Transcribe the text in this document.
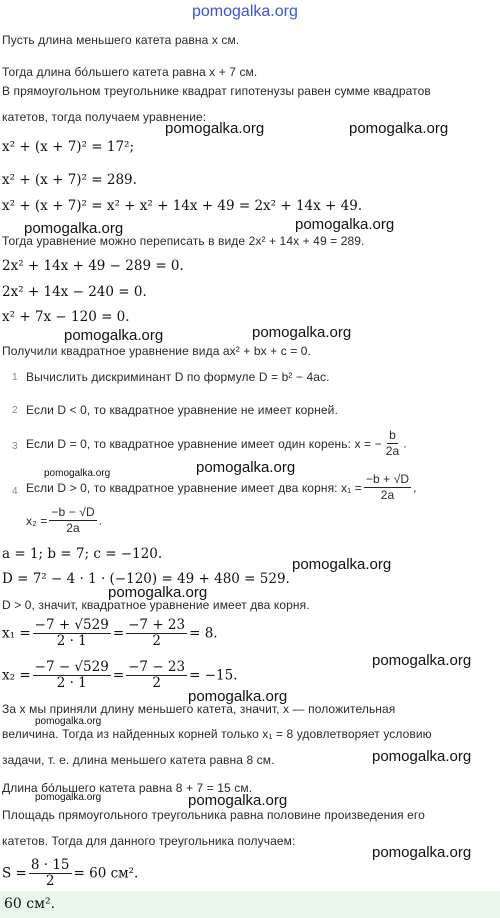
pomogalka.org
Пусть длина меньшего катета равна x см.
Тогда длина бо́льшего катета равна x + 7 см.
В прямоугольном треугольнике квадрат гипотенузы равен сумме квадратов
катетов, тогда получаем уравнение:
pomogalka.org	pomogalka.org
x² + (x + 7)² = 17²;
x² + (x + 7)² = 289.
x² + (x + 7)² = x² + x² + 14x + 49 = 2x² + 14x + 49.
pomogalka.org	pomogalka.org
Тогда уравнение можно переписать в виде 2x² + 14x + 49 = 289.
2x² + 14x + 49 − 289 = 0.
2x² + 14x − 240 = 0.
x² + 7x − 120 = 0.
pomogalka.org	pomogalka.org
Получили квадратное уравнение вида ax² + bx + c = 0.
1 Вычислить дискриминант D по формуле D = b² − 4ac.
2 Если D < 0, то квадратное уравнение не имеет корней.
3 Если D = 0, то квадратное уравнение имеет один корень: x = − $\frac{b}{2a}$ .
pomogalka.org	pomogalka.org
4 Если D > 0, то квадратное уравнение имеет два корня: $x_1 = \frac{-b + √D}{2a}$ ,
$x_2 = \frac{-b - √D}{2a}$ .
a = 1; b = 7; c = −120.
pomogalka.org
D = 7² − 4 · 1 · (−120) = 49 + 480 = 529.
pomogalka.org
D > 0, значит, квадратное уравнение имеет два корня.
$x_1 = \frac{-7 + √529}{2 \cdot 1} = \frac{-7 + 23}{2} = 8$.
pomogalka.org
$x_2 = \frac{-7 - √529}{2 \cdot 1} = \frac{-7 - 23}{2} = -15$.
pomogalka.org
За x мы приняли длину меньшего катета, значит, x — положительная
pomogalka.org
величина. Тогда из найденных корней только x₁ = 8 удовлетворяет условию
pomogalka.org
задачи, т. е. длина меньшего катета равна 8 см.
Длина бо́льшего катета равна 8 + 7 = 15 см.
pomogalka.org	pomogalka.org
Площадь прямоугольного треугольника равна половине произведения его
катетов. Тогда для данного треугольника получаем:
pomogalka.org
$S = \frac{8 \cdot 15}{2} = 60$ см².
60 см².
